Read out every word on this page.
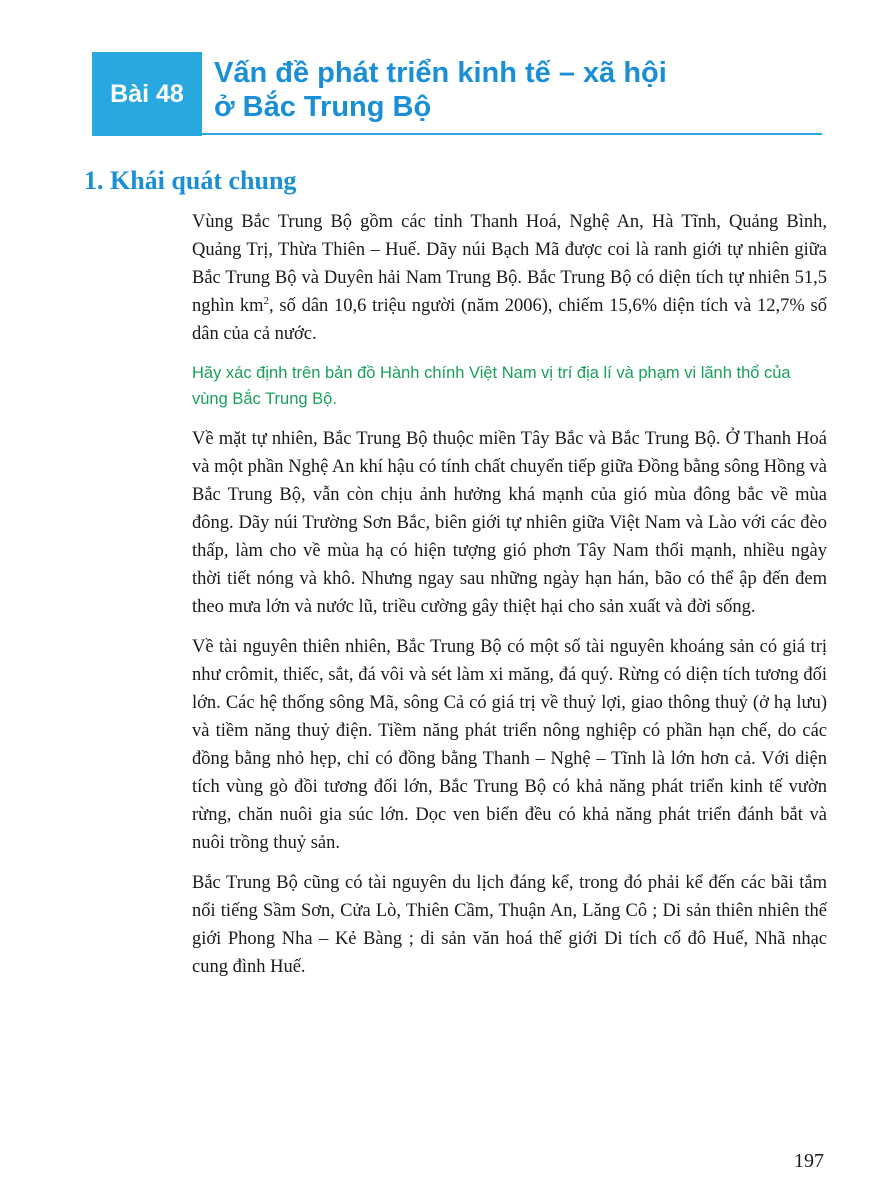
Bài 48
Vấn đề phát triển kinh tế – xã hội
ở Bắc Trung Bộ
1. Khái quát chung

Vùng Bắc Trung Bộ gồm các tỉnh Thanh Hoá, Nghệ An, Hà Tĩnh, Quảng Bình, Quảng Trị, Thừa Thiên – Huế. Dãy núi Bạch Mã được coi là ranh giới tự nhiên giữa Bắc Trung Bộ và Duyên hải Nam Trung Bộ. Bắc Trung Bộ có diện tích tự nhiên 51,5 nghìn $km^2$, số dân 10,6 triệu người (năm 2006), chiếm 15,6% diện tích và 12,7% số dân của cả nước.

Hãy xác định trên bản đồ Hành chính Việt Nam vị trí địa lí và phạm vi lãnh thổ của vùng Bắc Trung Bộ.

Về mặt tự nhiên, Bắc Trung Bộ thuộc miền Tây Bắc và Bắc Trung Bộ. Ở Thanh Hoá và một phần Nghệ An khí hậu có tính chất chuyển tiếp giữa Đồng bằng sông Hồng và Bắc Trung Bộ, vẫn còn chịu ảnh hưởng khá mạnh của gió mùa đông bắc về mùa đông. Dãy núi Trường Sơn Bắc, biên giới tự nhiên giữa Việt Nam và Lào với các đèo thấp, làm cho về mùa hạ có hiện tượng gió phơn Tây Nam thổi mạnh, nhiều ngày thời tiết nóng và khô. Nhưng ngay sau những ngày hạn hán, bão có thể ập đến đem theo mưa lớn và nước lũ, triều cường gây thiệt hại cho sản xuất và đời sống.

Về tài nguyên thiên nhiên, Bắc Trung Bộ có một số tài nguyên khoáng sản có giá trị như crômit, thiếc, sắt, đá vôi và sét làm xi măng, đá quý. Rừng có diện tích tương đối lớn. Các hệ thống sông Mã, sông Cả có giá trị về thuỷ lợi, giao thông thuỷ (ở hạ lưu) và tiềm năng thuỷ điện. Tiềm năng phát triển nông nghiệp có phần hạn chế, do các đồng bằng nhỏ hẹp, chỉ có đồng bằng Thanh – Nghệ – Tĩnh là lớn hơn cả. Với diện tích vùng gò đồi tương đối lớn, Bắc Trung Bộ có khả năng phát triển kinh tế vườn rừng, chăn nuôi gia súc lớn. Dọc ven biển đều có khả năng phát triển đánh bắt và nuôi trồng thuỷ sản.

Bắc Trung Bộ cũng có tài nguyên du lịch đáng kể, trong đó phải kể đến các bãi tắm nổi tiếng Sầm Sơn, Cửa Lò, Thiên Cầm, Thuận An, Lăng Cô ; Di sản thiên nhiên thế giới Phong Nha – Kẻ Bàng ; di sản văn hoá thế giới Di tích cố đô Huế, Nhã nhạc cung đình Huế.

197
